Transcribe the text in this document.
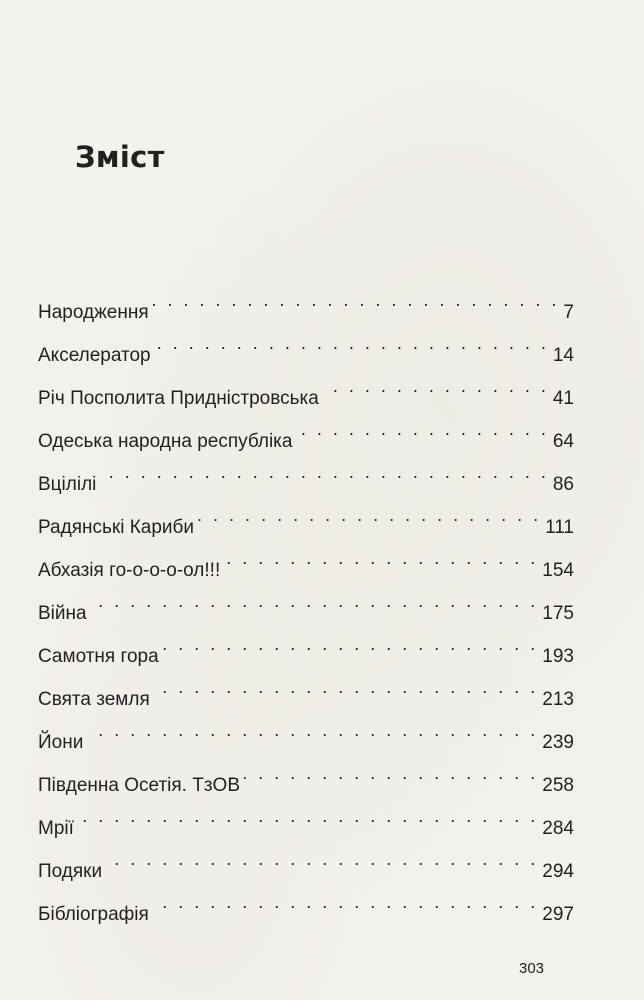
Зміст
Народження . . .	7
Акселератор . . .	14
Річ Посполита Придністровська . . .	41
Одеська народна республіка . . .	64
Вцілілі . . .	86
Радянські Кариби . . .	111
Абхазія го-о-о-о-ол!!! . . .	154
Війна . . .	175
Самотня гора . . .	193
Свята земля . . .	213
Йони . . .	239
Південна Осетія. ТзОВ . . .	258
Мрії . . .	284
Подяки . . .	294
Бібліографія . . .	297
303
